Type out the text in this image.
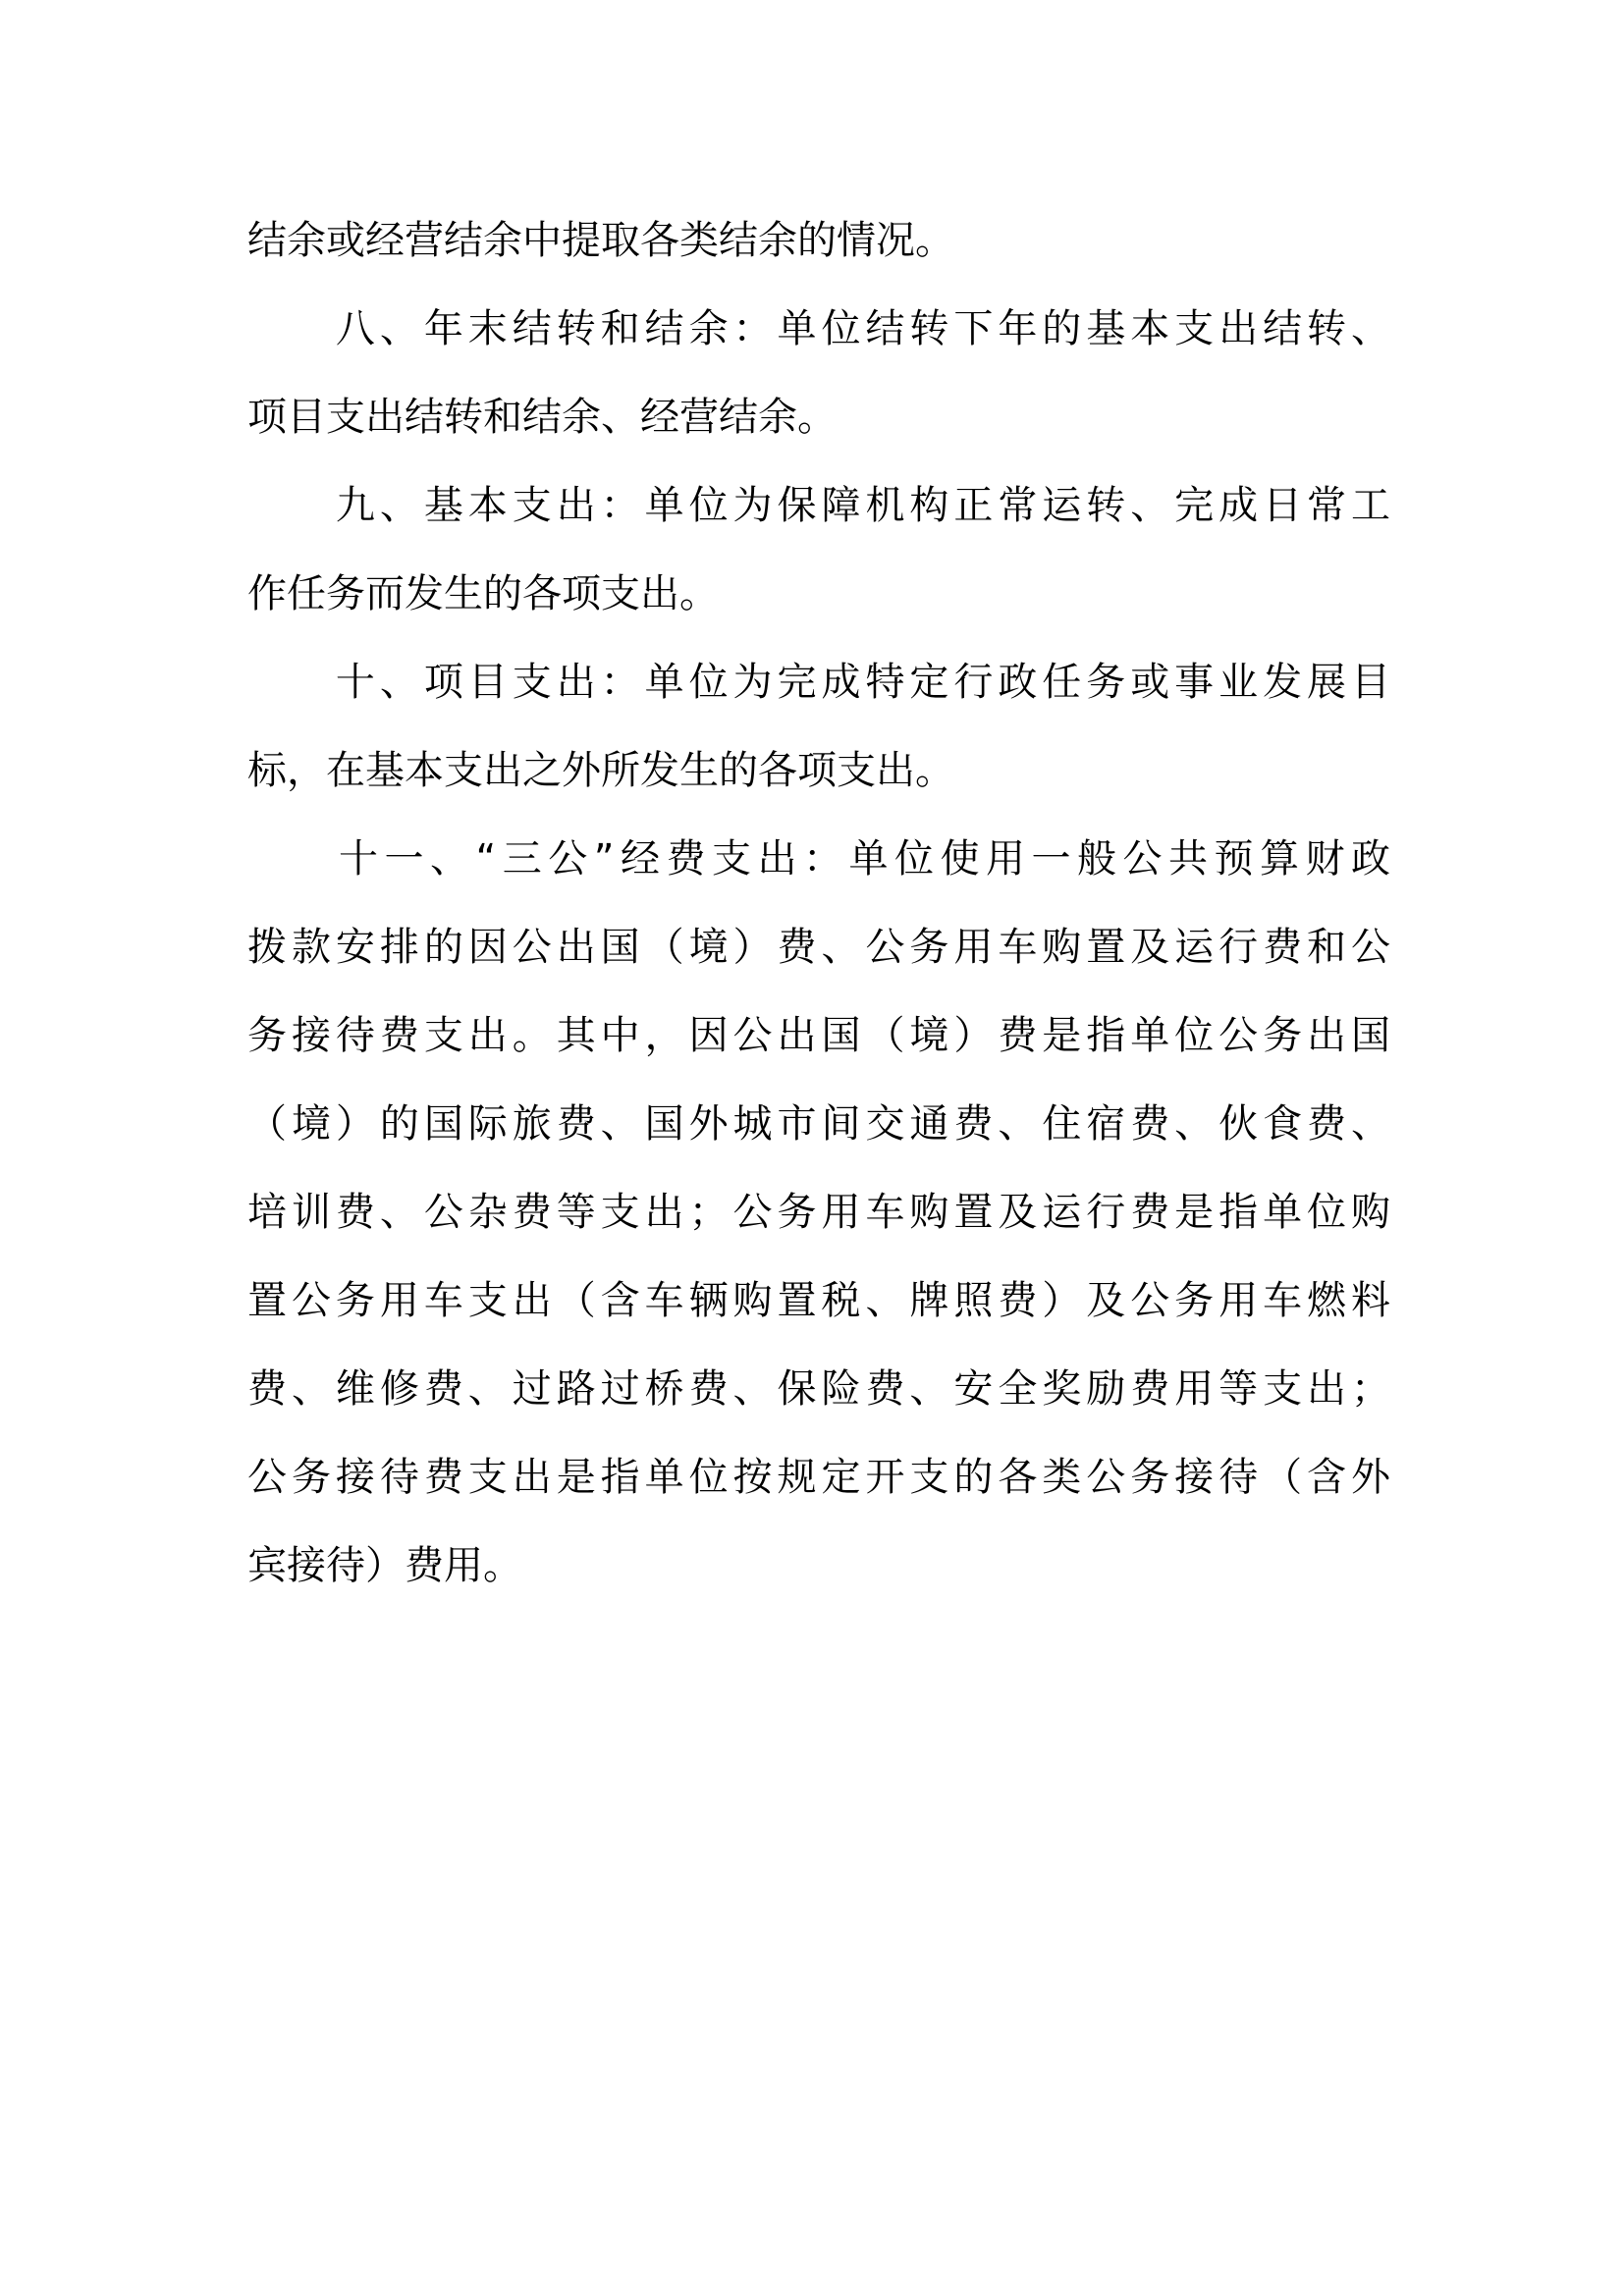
结余或经营结余中提取各类结余的情况。
　　八、年末结转和结余：单位结转下年的基本支出结转、
项目支出结转和结余、经营结余。
　　九、基本支出：单位为保障机构正常运转、完成日常工
作任务而发生的各项支出。
　　十、项目支出：单位为完成特定行政任务或事业发展目
标，在基本支出之外所发生的各项支出。
　　十一、“三公”经费支出：单位使用一般公共预算财政
拨款安排的因公出国（境）费、公务用车购置及运行费和公
务接待费支出。其中，因公出国（境）费是指单位公务出国
（境）的国际旅费、国外城市间交通费、住宿费、伙食费、
培训费、公杂费等支出；公务用车购置及运行费是指单位购
置公务用车支出（含车辆购置税、牌照费）及公务用车燃料
费、维修费、过路过桥费、保险费、安全奖励费用等支出；
公务接待费支出是指单位按规定开支的各类公务接待（含外
宾接待）费用。
